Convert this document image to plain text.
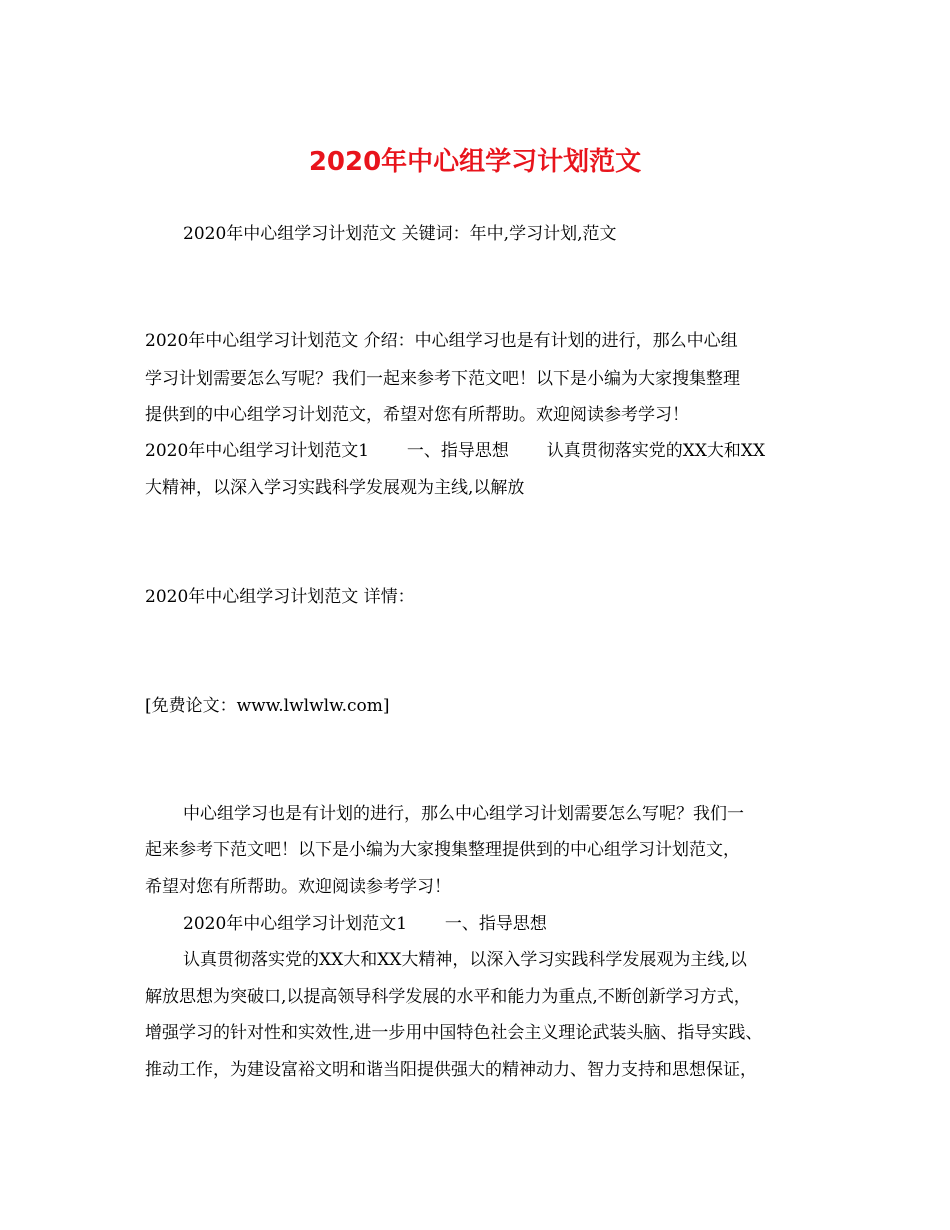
2020年中心组学习计划范文
2020年中心组学习计划范文 关键词：年中,学习计划,范文
2020年中心组学习计划范文 介绍：中心组学习也是有计划的进行，那么中心组
学习计划需要怎么写呢？我们一起来参考下范文吧！以下是小编为大家搜集整理
提供到的中心组学习计划范文，希望对您有所帮助。欢迎阅读参考学习！
2020年中心组学习计划范文1       一、指导思想       认真贯彻落实党的XX大和XX
大精神，以深入学习实践科学发展观为主线,以解放
2020年中心组学习计划范文 详情：
[免费论文：www.lwlwlw.com]
中心组学习也是有计划的进行，那么中心组学习计划需要怎么写呢？我们一
起来参考下范文吧！以下是小编为大家搜集整理提供到的中心组学习计划范文，
希望对您有所帮助。欢迎阅读参考学习！
2020年中心组学习计划范文1       一、指导思想
认真贯彻落实党的XX大和XX大精神，以深入学习实践科学发展观为主线,以
解放思想为突破口,以提高领导科学发展的水平和能力为重点,不断创新学习方式，
增强学习的针对性和实效性,进一步用中国特色社会主义理论武装头脑、指导实践、
推动工作，为建设富裕文明和谐当阳提供强大的精神动力、智力支持和思想保证，
